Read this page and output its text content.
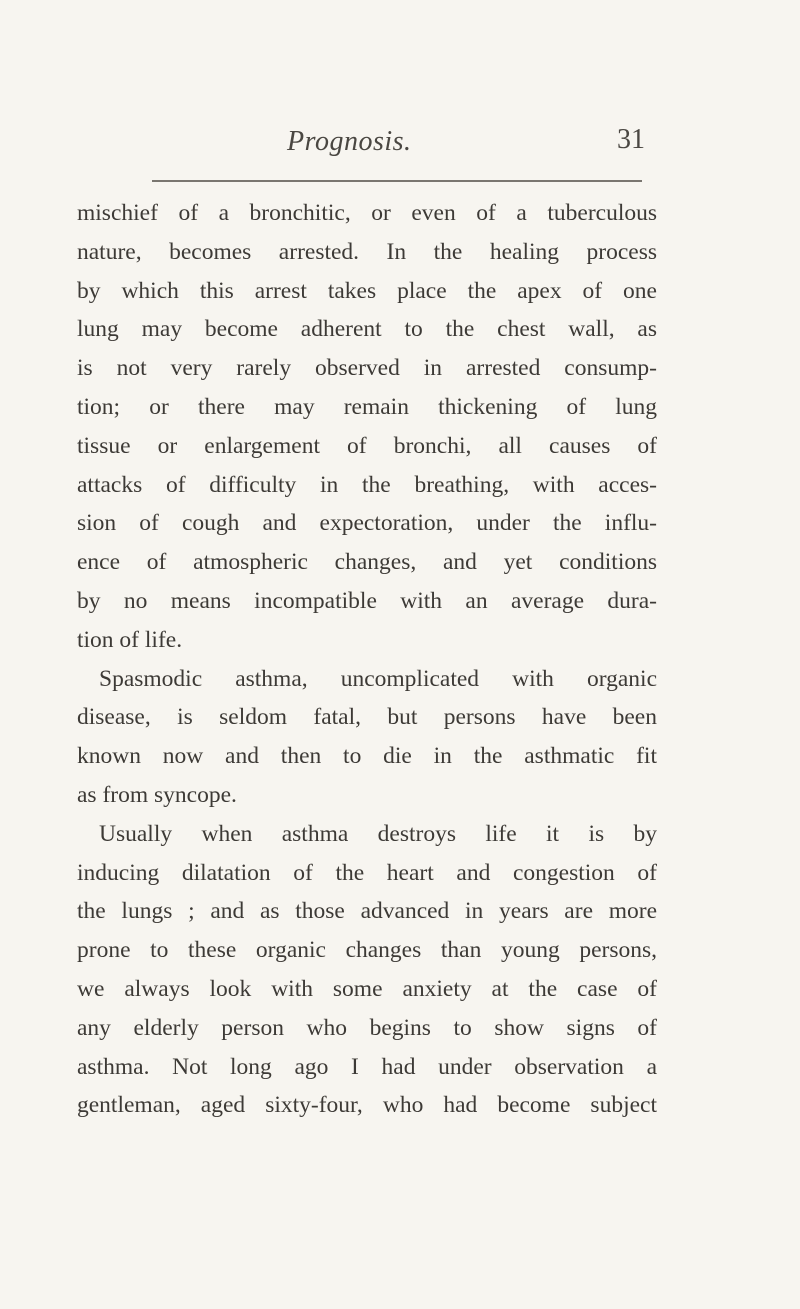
Prognosis.	31
mischief of a bronchitic, or even of a tuberculous
nature, becomes arrested. In the healing process
by which this arrest takes place the apex of one
lung may become adherent to the chest wall, as
is not very rarely observed in arrested consump-
tion; or there may remain thickening of lung
tissue or enlargement of bronchi, all causes of
attacks of difficulty in the breathing, with acces-
sion of cough and expectoration, under the influ-
ence of atmospheric changes, and yet conditions
by no means incompatible with an average dura-
tion of life.
Spasmodic asthma, uncomplicated with organic
disease, is seldom fatal, but persons have been
known now and then to die in the asthmatic fit
as from syncope.
Usually when asthma destroys life it is by
inducing dilatation of the heart and congestion of
the lungs ; and as those advanced in years are more
prone to these organic changes than young persons,
we always look with some anxiety at the case of
any elderly person who begins to show signs of
asthma. Not long ago I had under observation a
gentleman, aged sixty-four, who had become subject
